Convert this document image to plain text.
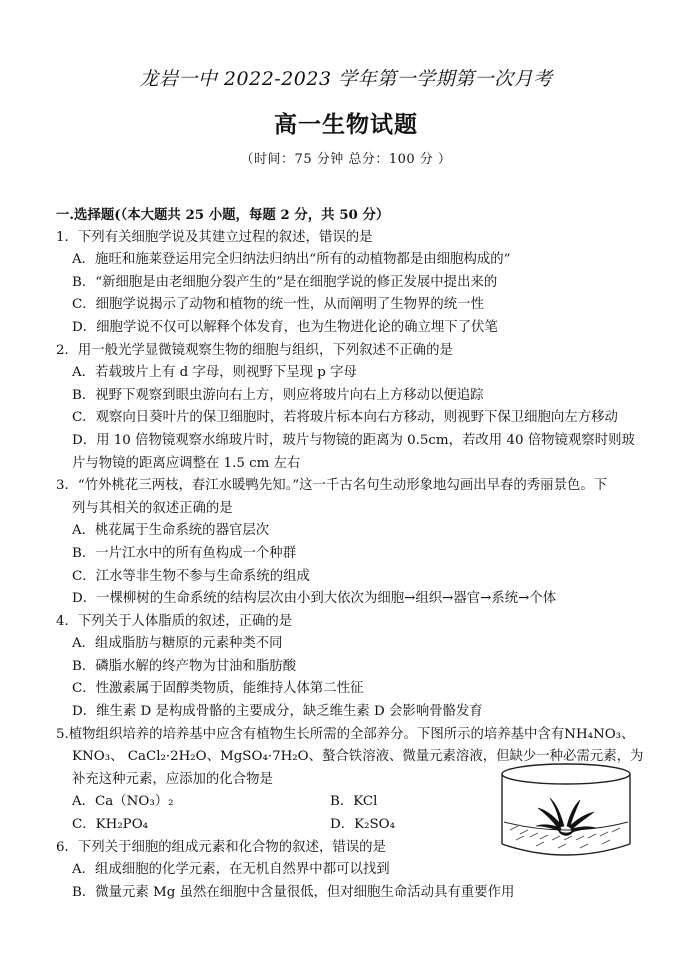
龙岩一中 2022-2023 学年第一学期第一次月考
高一生物试题
（时间：75 分钟 总分：100 分 ）
一.选择题(（本大题共 25 小题，每题 2 分，共 50 分）
1．下列有关细胞学说及其建立过程的叙述，错误的是
A．施旺和施莱登运用完全归纳法归纳出“所有的动植物都是由细胞构成的”
B．“新细胞是由老细胞分裂产生的”是在细胞学说的修正发展中提出来的
C．细胞学说揭示了动物和植物的统一性，从而阐明了生物界的统一性
D．细胞学说不仅可以解释个体发育，也为生物进化论的确立埋下了伏笔
2．用一般光学显微镜观察生物的细胞与组织，下列叙述不正确的是
A．若载玻片上有 d 字母，则视野下呈现 p 字母
B．视野下观察到眼虫游向右上方，则应将玻片向右上方移动以便追踪
C．观察向日葵叶片的保卫细胞时，若将玻片标本向右方移动，则视野下保卫细胞向左方移动
D．用 10 倍物镜观察水绵玻片时，玻片与物镜的距离为 0.5cm，若改用 40 倍物镜观察时则玻
片与物镜的距离应调整在 1.5 cm 左右
3．“竹外桃花三两枝，春江水暖鸭先知。”这一千古名句生动形象地勾画出早春的秀丽景色。下
列与其相关的叙述正确的是
A．桃花属于生命系统的器官层次
B．一片江水中的所有鱼构成一个种群
C．江水等非生物不参与生命系统的组成
D．一棵柳树的生命系统的结构层次由小到大依次为细胞→组织→器官→系统→个体
4．下列关于人体脂质的叙述，正确的是
A．组成脂肪与糖原的元素种类不同
B．磷脂水解的终产物为甘油和脂肪酸
C．性激素属于固醇类物质，能维持人体第二性征
D．维生素 D 是构成骨骼的主要成分，缺乏维生素 D 会影响骨骼发育
5.植物组织培养的培养基中应含有植物生长所需的全部养分。下图所示的培养基中含有NH₄NO₃、
KNO₃、 CaCl₂·2H₂O、MgSO₄·7H₂O、螯合铁溶液、微量元素溶液，但缺少一种必需元素，为
补充这种元素，应添加的化合物是
A．Ca（NO₃）₂	B．KCl
C．KH₂PO₄	D．K₂SO₄
6．下列关于细胞的组成元素和化合物的叙述，错误的是
A．组成细胞的化学元素，在无机自然界中都可以找到
B．微量元素 Mg 虽然在细胞中含量很低，但对细胞生命活动具有重要作用
